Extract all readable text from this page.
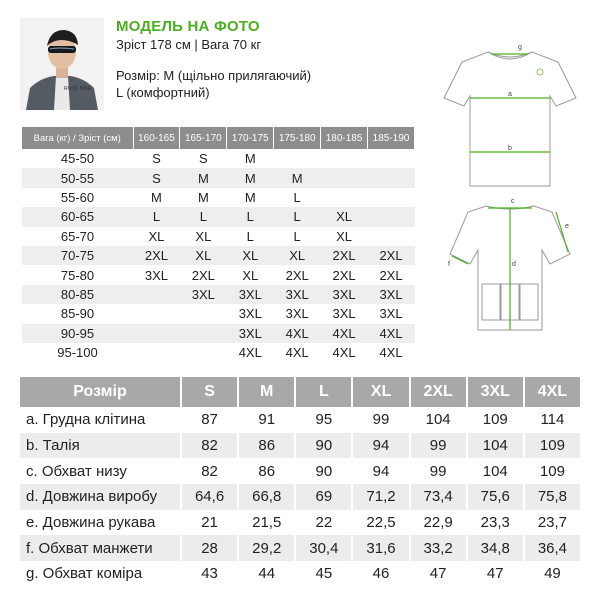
ROCK BIKE
МОДЕЛЬ НА ФОТО
Зріст 178 см | Вага 70 кг
Розмір: M (щільно прилягаючий)
L (комфортний)
Вага (кг) / Зріст (см)	160-165	165-170	170-175	175-180	180-185	185-190
45-50	S	S	M			
50-55	S	M	M	M		
55-60	M	M	M	L		
60-65	L	L	L	L	XL	
65-70	XL	XL	L	L	XL	
70-75	2XL	XL	XL	XL	2XL	2XL
75-80	3XL	2XL	XL	2XL	2XL	2XL
80-85		3XL	3XL	3XL	3XL	3XL
85-90			3XL	3XL	3XL	3XL
90-95			3XL	4XL	4XL	4XL
95-100			4XL	4XL	4XL	4XL
a
b
c
d
e
f
g
Розмір	S	M	L	XL	2XL	3XL	4XL
a. Грудна клітина	87	91	95	99	104	109	114
b. Талія	82	86	90	94	99	104	109
c. Обхват низу	82	86	90	94	99	104	109
d. Довжина виробу	64,6	66,8	69	71,2	73,4	75,6	75,8
e. Довжина рукава	21	21,5	22	22,5	22,9	23,3	23,7
f. Обхват манжети	28	29,2	30,4	31,6	33,2	34,8	36,4
g. Обхват коміра	43	44	45	46	47	47	49
